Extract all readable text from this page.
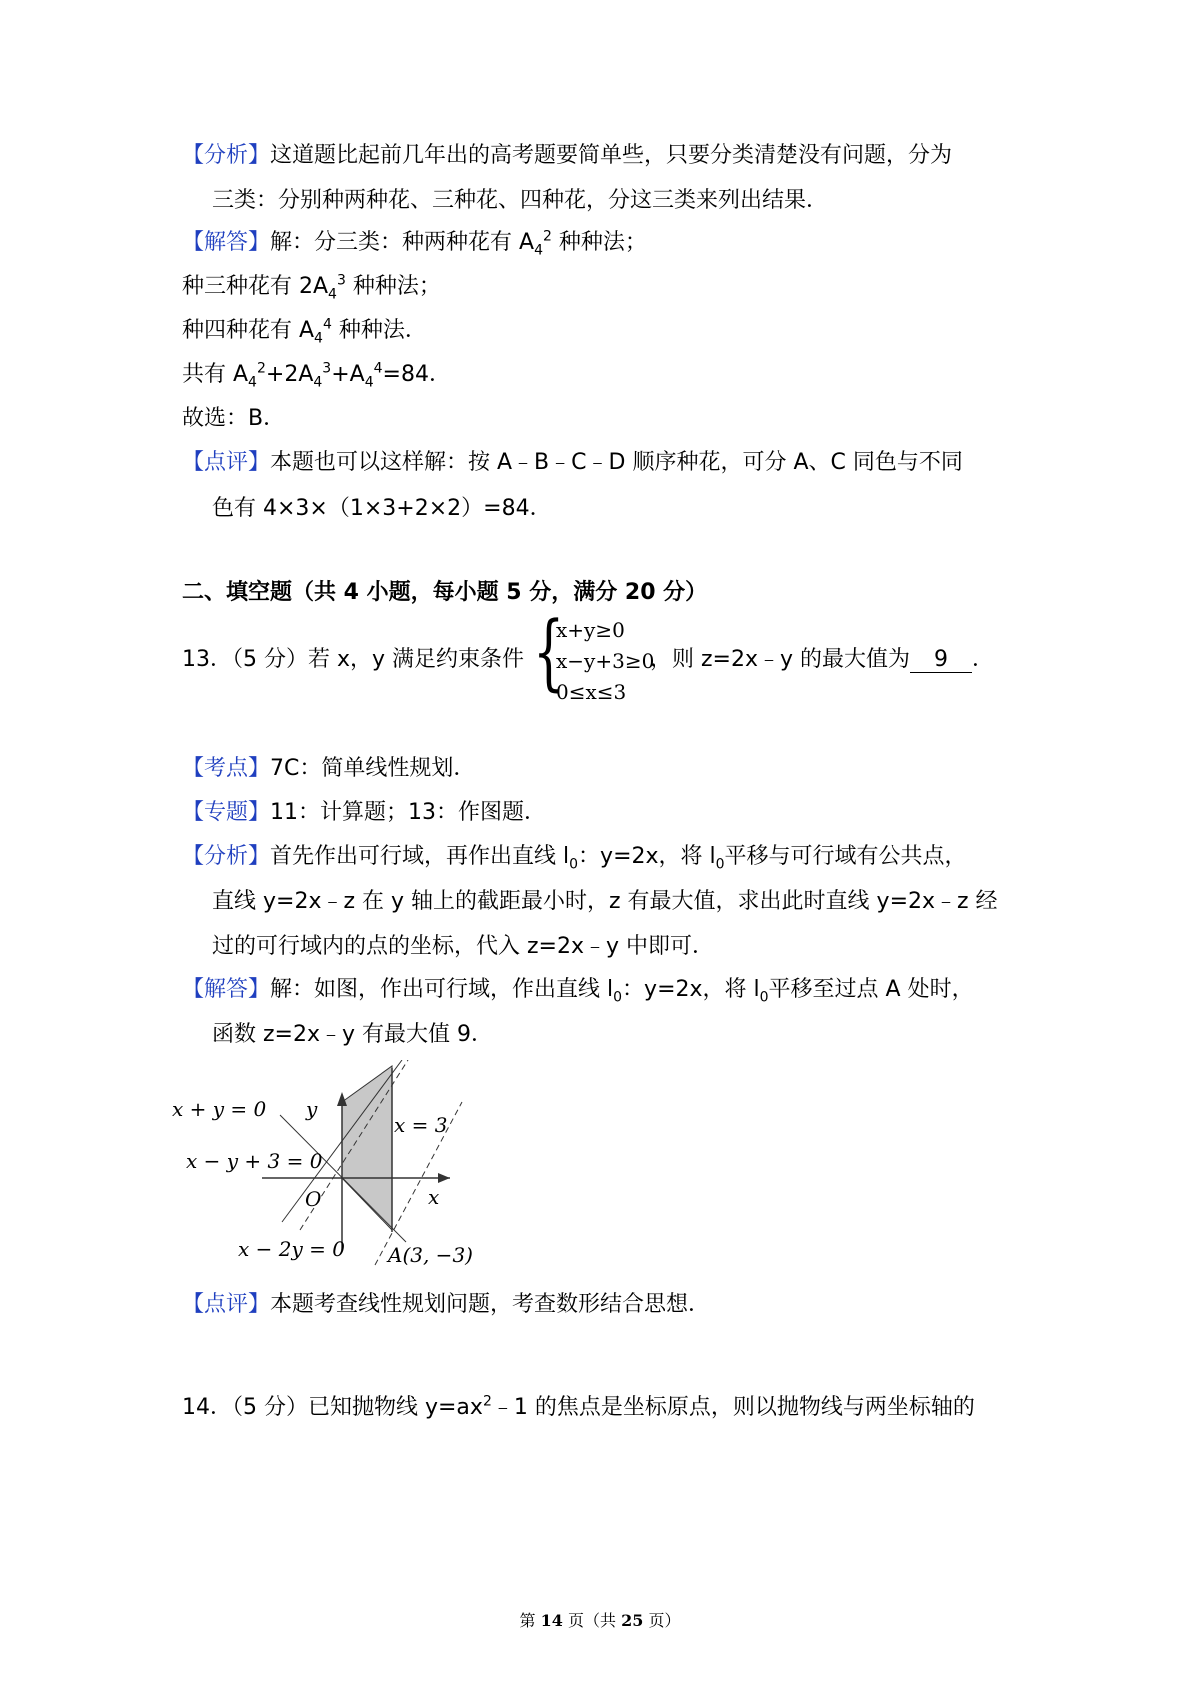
【分析】这道题比起前几年出的高考题要简单些，只要分类清楚没有问题，分为
三类：分别种两种花、三种花、四种花，分这三类来列出结果．
【解答】解：分三类：种两种花有 $A_4^2$ 种种法；
种三种花有 $2A_4^3$ 种种法；
种四种花有 $A_4^4$ 种种法．
共有 $A_4^2+2A_4^3+A_4^4=84$．
故选：B．
【点评】本题也可以这样解：按 A﹣B﹣C﹣D 顺序种花，可分 A、C 同色与不同
色有 4×3×（1×3+2×2）=84．
二、填空题（共 4 小题，每小题 5 分，满分 20 分）
13．（5 分）若 x，y 满足约束条件 {
x+y≥0
x−y+3≥0
0≤x≤3
，则 z=2x﹣y 的最大值为 9 ．
【考点】7C：简单线性规划．
【专题】11：计算题；13：作图题．
【分析】首先作出可行域，再作出直线 $l_0$：y=2x，将 $l_0$平移与可行域有公共点，
直线 y=2x﹣z 在 y 轴上的截距最小时，z 有最大值，求出此时直线 y=2x﹣z 经
过的可行域内的点的坐标，代入 z=2x﹣y 中即可．
【解答】解：如图，作出可行域，作出直线 $l_0$：y=2x，将 $l_0$平移至过点 A 处时，
函数 z=2x﹣y 有最大值 9．
x + y = 0 y
x = 3
x − y + 3 = 0
O	x
x − 2y = 0 A(3, −3)
【点评】本题考查线性规划问题，考查数形结合思想．
14．（5 分）已知抛物线 $y=ax^2﹣1$ 的焦点是坐标原点，则以抛物线与两坐标轴的
第 14 页（共 25 页）
